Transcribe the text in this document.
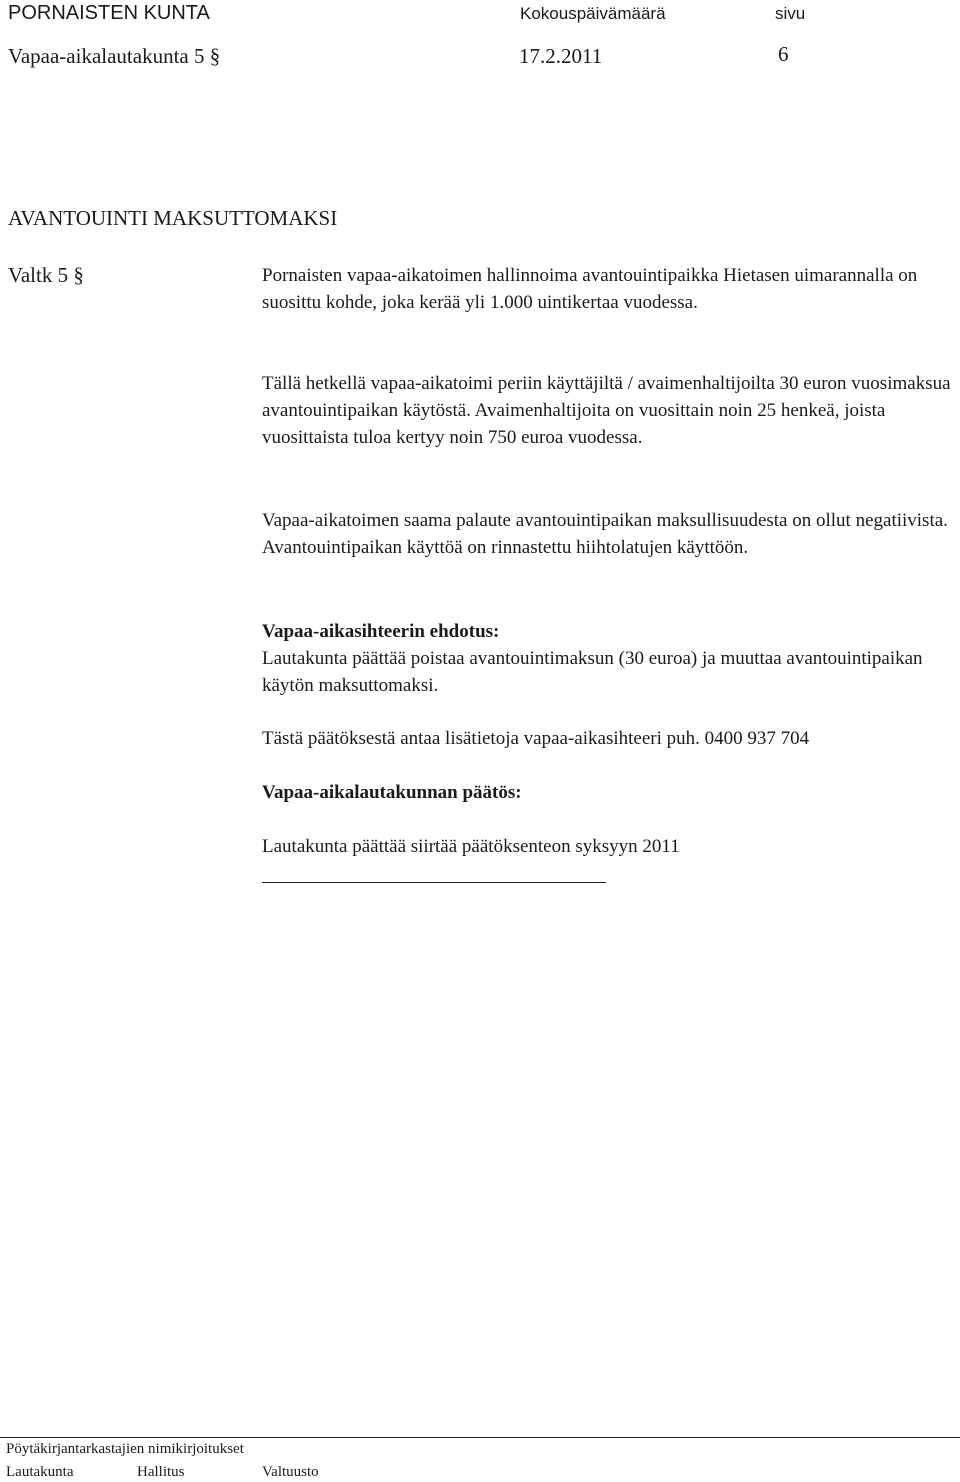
PORNAISTEN KUNTA	Kokouspäivämäärä	sivu
Vapaa-aikalautakunta 5 §	17.2.2011	6
AVANTOUINTI MAKSUTTOMAKSI
Valtk 5 §	Pornaisten vapaa-aikatoimen hallinnoima avantouintipaikka Hietasen uimarannalla on suosittu kohde, joka kerää yli 1.000 uintikertaa vuodessa.

Tällä hetkellä vapaa-aikatoimi periin käyttäjiltä / avaimenhaltijoilta 30 euron vuosimaksua avantouintipaikan käytöstä. Avaimenhaltijoita on vuosittain noin 25 henkeä, joista vuosittaista tuloa kertyy noin 750 euroa vuodessa.

Vapaa-aikatoimen saama palaute avantouintipaikan maksullisuudesta on ollut negatiivista. Avantouintipaikan käyttöä on rinnastettu hiihtolatujen käyttöön.

Vapaa-aikasihteerin ehdotus:
Lautakunta päättää poistaa avantouintimaksun (30 euroa) ja muuttaa avantouintipaikan käytön maksuttomaksi.
Tästä päätöksestä antaa lisätietoja vapaa-aikasihteeri puh. 0400 937 704
Vapaa-aikalautakunnan päätös:
Lautakunta päättää siirtää päätöksenteon syksyyn 2011
Pöytäkirjantarkastajien nimikirjoitukset
Lautakunta	Hallitus	Valtuusto
